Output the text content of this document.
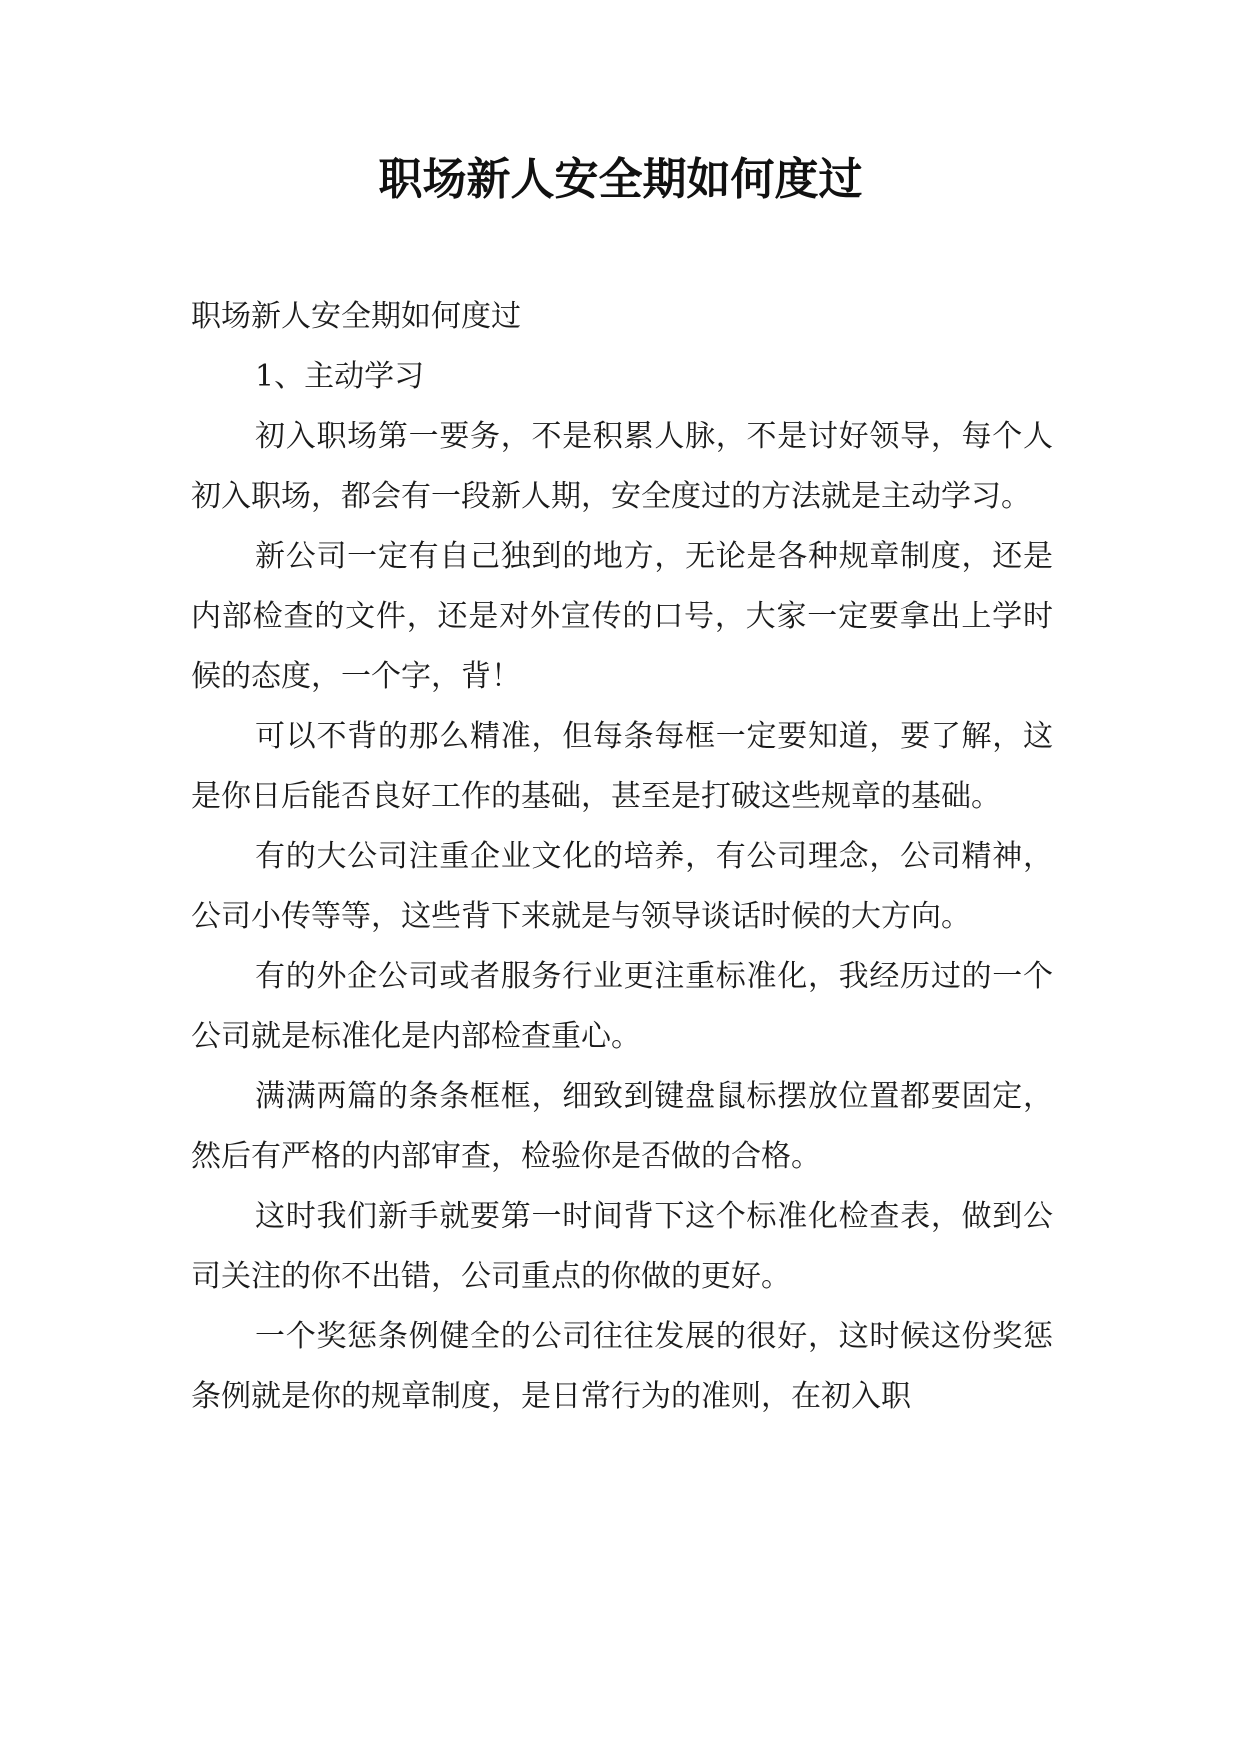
职场新人安全期如何度过

职场新人安全期如何度过

1、主动学习

初入职场第一要务，不是积累人脉，不是讨好领导，每个人初入职场，都会有一段新人期，安全度过的方法就是主动学习。

新公司一定有自己独到的地方，无论是各种规章制度，还是内部检查的文件，还是对外宣传的口号，大家一定要拿出上学时候的态度，一个字，背！

可以不背的那么精准，但每条每框一定要知道，要了解，这是你日后能否良好工作的基础，甚至是打破这些规章的基础。

有的大公司注重企业文化的培养，有公司理念，公司精神，公司小传等等，这些背下来就是与领导谈话时候的大方向。

有的外企公司或者服务行业更注重标准化，我经历过的一个公司就是标准化是内部检查重心。

满满两篇的条条框框，细致到键盘鼠标摆放位置都要固定，然后有严格的内部审查，检验你是否做的合格。

这时我们新手就要第一时间背下这个标准化检查表，做到公司关注的你不出错，公司重点的你做的更好。

一个奖惩条例健全的公司往往发展的很好，这时候这份奖惩条例就是你的规章制度，是日常行为的准则，在初入职
